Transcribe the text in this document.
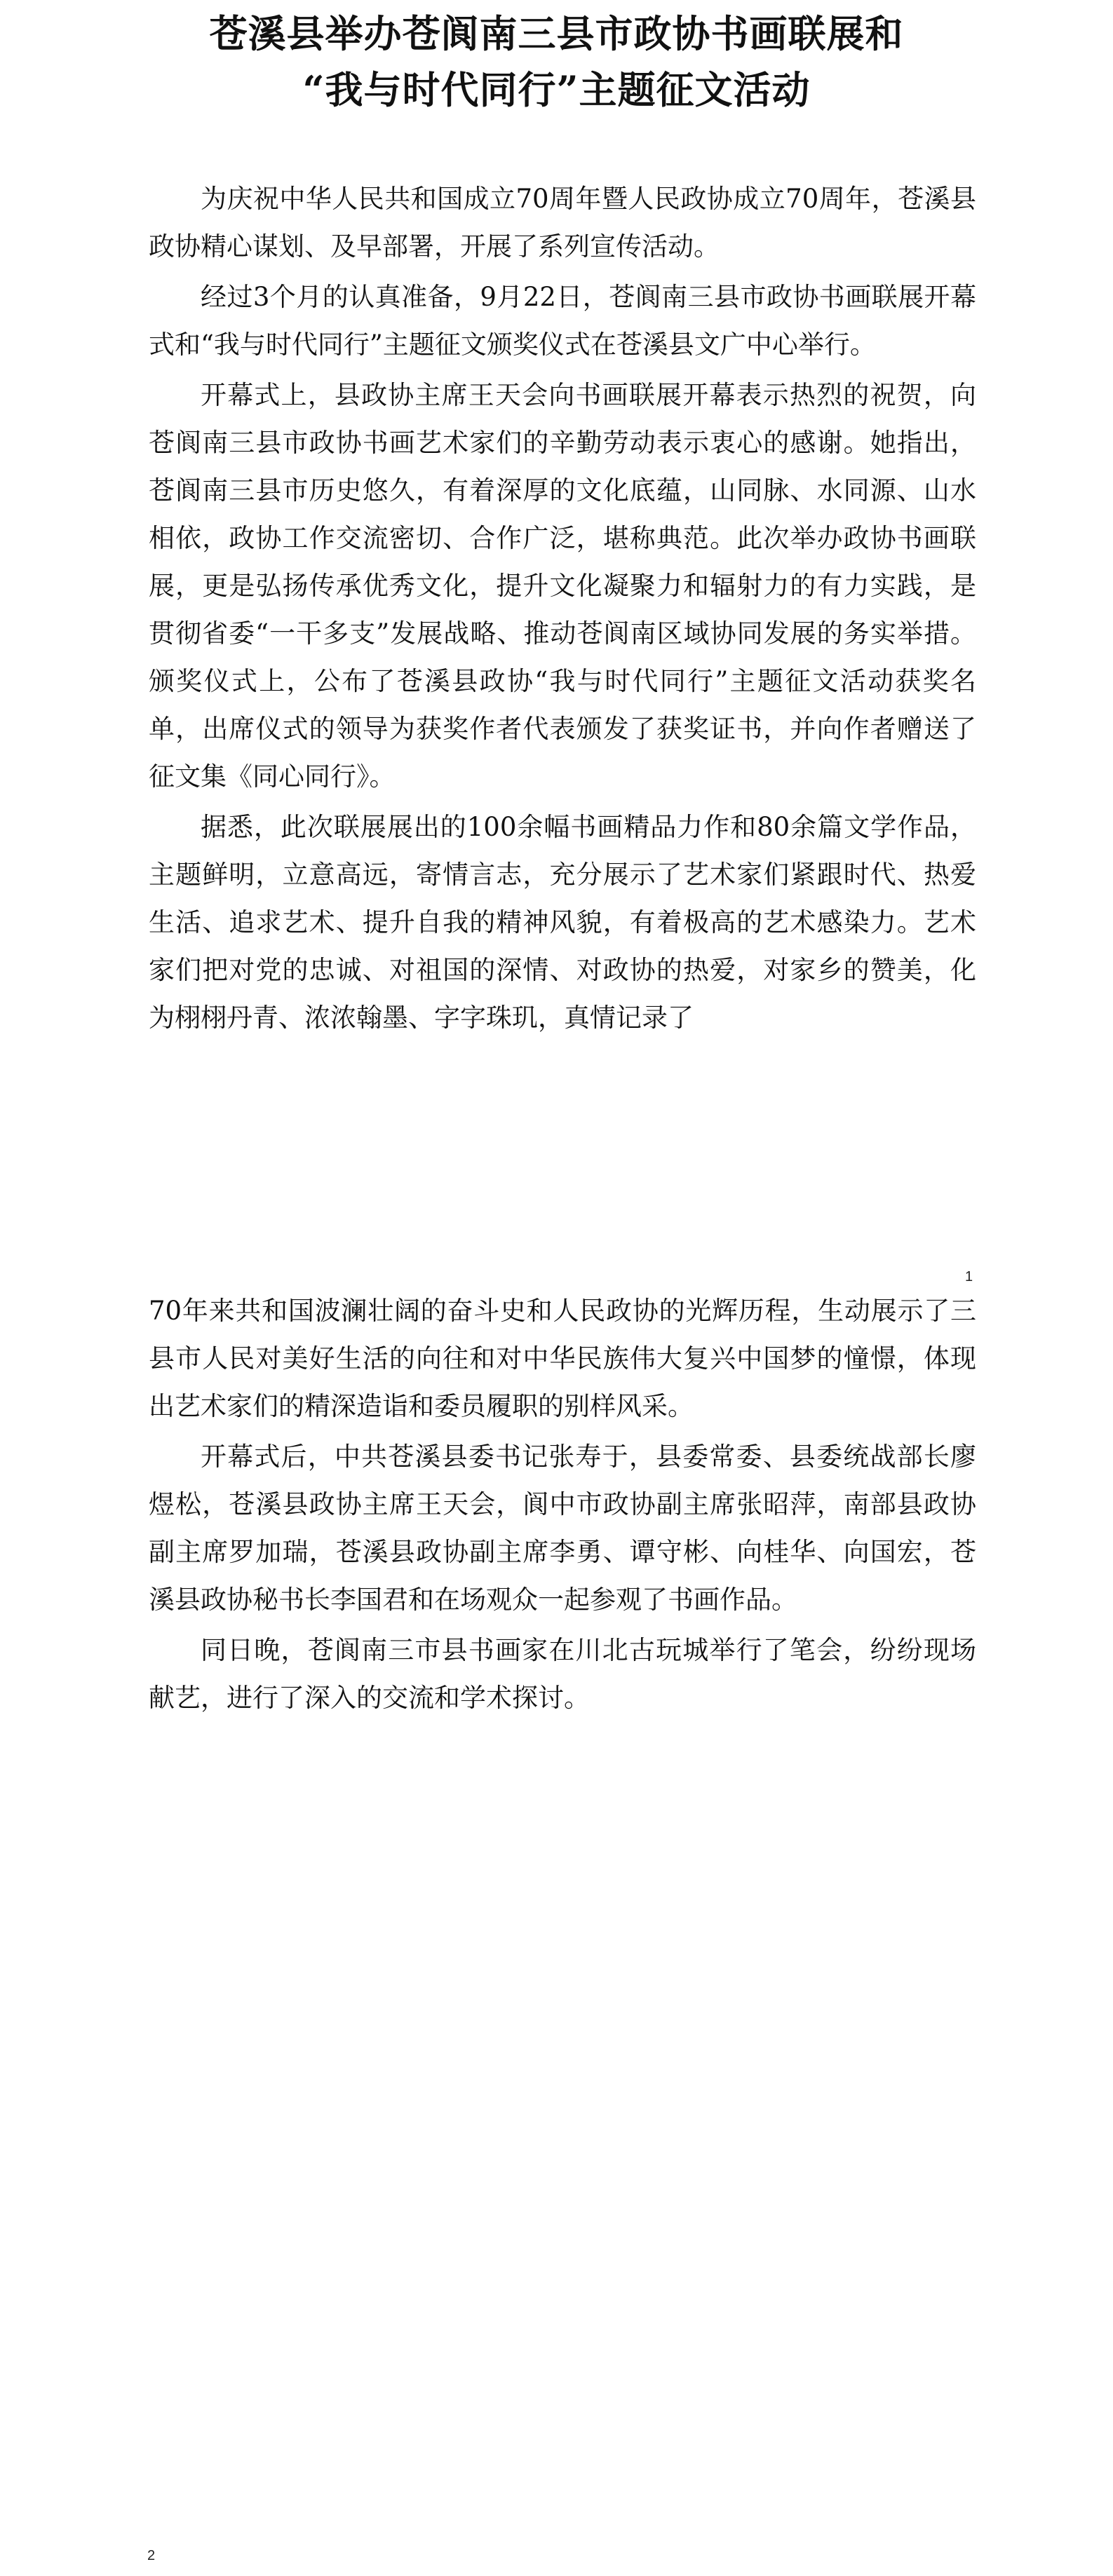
苍溪县举办苍阆南三县市政协书画联展和
“我与时代同行”主题征文活动

为庆祝中华人民共和国成立70周年暨人民政协成立70周年，苍溪县政协精心谋划、及早部署，开展了系列宣传活动。

经过3个月的认真准备，9月22日，苍阆南三县市政协书画联展开幕式和“我与时代同行”主题征文颁奖仪式在苍溪县文广中心举行。

开幕式上，县政协主席王天会向书画联展开幕表示热烈的祝贺，向苍阆南三县市政协书画艺术家们的辛勤劳动表示衷心的感谢。她指出，苍阆南三县市历史悠久，有着深厚的文化底蕴，山同脉、水同源、山水相依，政协工作交流密切、合作广泛，堪称典范。此次举办政协书画联展，更是弘扬传承优秀文化，提升文化凝聚力和辐射力的有力实践，是贯彻省委“一干多支”发展战略、推动苍阆南区域协同发展的务实举措。颁奖仪式上，公布了苍溪县政协“我与时代同行”主题征文活动获奖名单，出席仪式的领导为获奖作者代表颁发了获奖证书，并向作者赠送了征文集《同心同行》。

据悉，此次联展展出的100余幅书画精品力作和80余篇文学作品，主题鲜明，立意高远，寄情言志，充分展示了艺术家们紧跟时代、热爱生活、追求艺术、提升自我的精神风貌，有着极高的艺术感染力。艺术家们把对党的忠诚、对祖国的深情、对政协的热爱，对家乡的赞美，化为栩栩丹青、浓浓翰墨、字字珠玑，真情记录了

1

70年来共和国波澜壮阔的奋斗史和人民政协的光辉历程，生动展示了三县市人民对美好生活的向往和对中华民族伟大复兴中国梦的憧憬，体现出艺术家们的精深造诣和委员履职的别样风采。

开幕式后，中共苍溪县委书记张寿于，县委常委、县委统战部长廖煜松，苍溪县政协主席王天会，阆中市政协副主席张昭萍，南部县政协副主席罗加瑞，苍溪县政协副主席李勇、谭守彬、向桂华、向国宏，苍溪县政协秘书长李国君和在场观众一起参观了书画作品。

同日晚，苍阆南三市县书画家在川北古玩城举行了笔会，纷纷现场献艺，进行了深入的交流和学术探讨。

2
